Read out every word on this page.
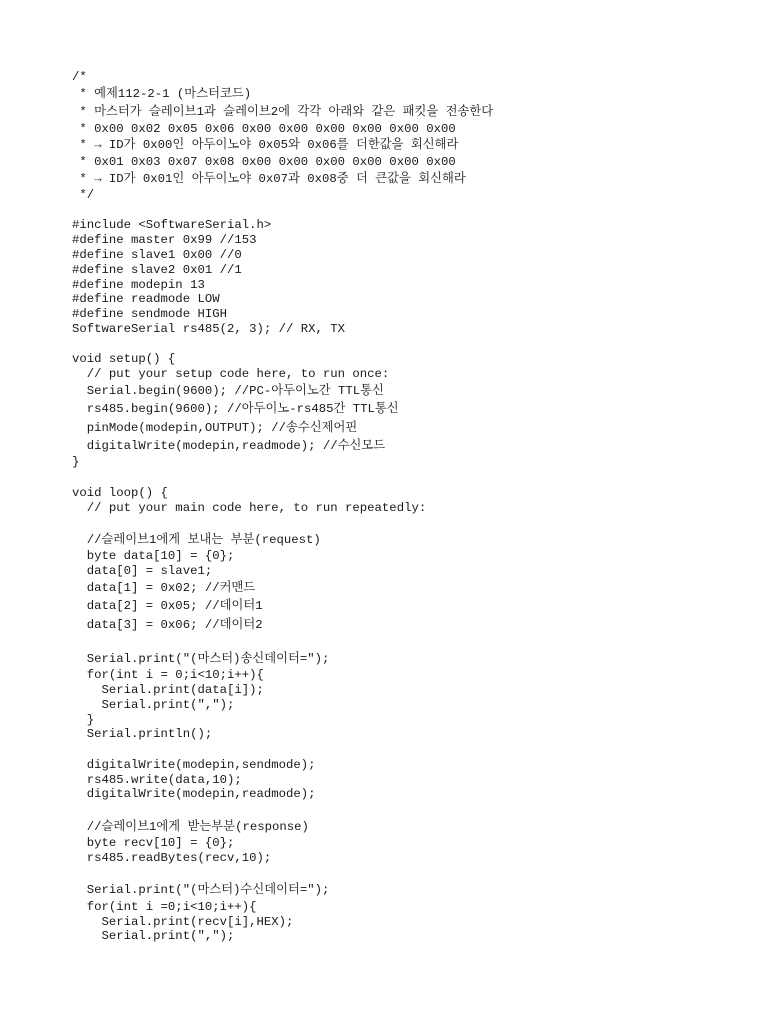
/*
* 예제112-2-1 (마스터코드)
* 마스터가 슬레이브1과 슬레이브2에 각각 아래와 같은 패킷을 전송한다
* 0x00 0x02 0x05 0x06 0x00 0x00 0x00 0x00 0x00 0x00
* → ID가 0x00인 아두이노야 0x05와 0x06를 더한값을 회신해라
* 0x01 0x03 0x07 0x08 0x00 0x00 0x00 0x00 0x00 0x00
* → ID가 0x01인 아두이노야 0x07과 0x08중 더 큰값을 회신해라
*/
#include <SoftwareSerial.h>
#define master 0x99 //153
#define slave1 0x00 //0
#define slave2 0x01 //1
#define modepin 13
#define readmode LOW
#define sendmode HIGH
SoftwareSerial rs485(2, 3); // RX, TX
void setup() {
// put your setup code here, to run once:
Serial.begin(9600); //PC-아두이노간 TTL통신
rs485.begin(9600); //아두이노-rs485간 TTL통신
pinMode(modepin,OUTPUT); //송수신제어핀
digitalWrite(modepin,readmode); //수신모드
}
void loop() {
// put your main code here, to run repeatedly:
//슬레이브1에게 보내는 부분(request)
byte data[10] = {0};
data[0] = slave1;
data[1] = 0x02; //커맨드
data[2] = 0x05; //데이터1
data[3] = 0x06; //데이터2
Serial.print("(마스터)송신데이터=");
for(int i = 0;i<10;i++){
Serial.print(data[i]);
Serial.print(",");
}
Serial.println();
digitalWrite(modepin,sendmode);
rs485.write(data,10);
digitalWrite(modepin,readmode);
//슬레이브1에게 받는부분(response)
byte recv[10] = {0};
rs485.readBytes(recv,10);
Serial.print("(마스터)수신데이터=");
for(int i =0;i<10;i++){
Serial.print(recv[i],HEX);
Serial.print(",");
